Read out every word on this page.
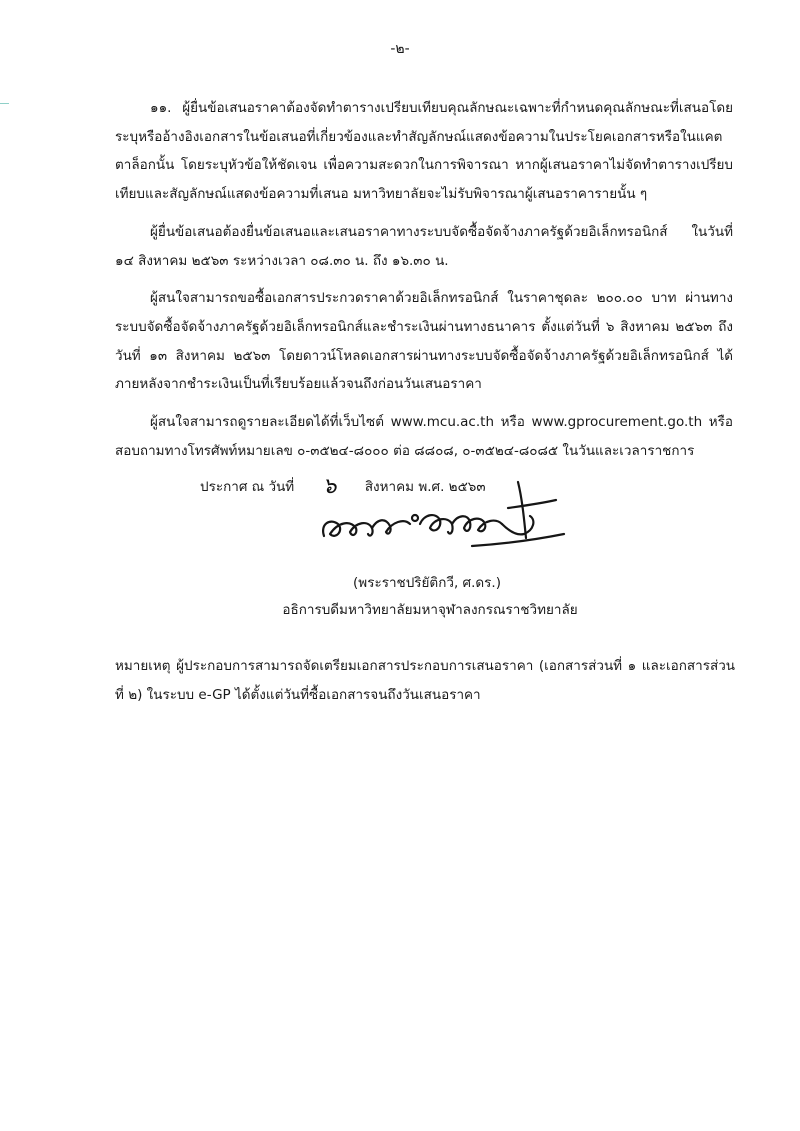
-๒-

๑๑. ผู้ยื่นข้อเสนอราคาต้องจัดทำตารางเปรียบเทียบคุณลักษณะเฉพาะที่กำหนดคุณลักษณะที่เสนอโดยระบุหรืออ้างอิงเอกสารในข้อเสนอที่เกี่ยวข้องและทำสัญลักษณ์แสดงข้อความในประโยคเอกสารหรือในแคตตาล็อกนั้น โดยระบุหัวข้อให้ชัดเจน เพื่อความสะดวกในการพิจารณา หากผู้เสนอราคาไม่จัดทำตารางเปรียบเทียบและสัญลักษณ์แสดงข้อความที่เสนอ มหาวิทยาลัยจะไม่รับพิจารณาผู้เสนอราคารายนั้น ๆ

ผู้ยื่นข้อเสนอต้องยื่นข้อเสนอและเสนอราคาทางระบบจัดซื้อจัดจ้างภาครัฐด้วยอิเล็กทรอนิกส์ ในวันที่ ๑๔ สิงหาคม ๒๕๖๓ ระหว่างเวลา ๐๘.๓๐ น. ถึง ๑๖.๓๐ น.

ผู้สนใจสามารถขอซื้อเอกสารประกวดราคาด้วยอิเล็กทรอนิกส์ ในราคาชุดละ ๒๐๐.๐๐ บาท ผ่านทางระบบจัดซื้อจัดจ้างภาครัฐด้วยอิเล็กทรอนิกส์และชำระเงินผ่านทางธนาคาร ตั้งแต่วันที่ ๖ สิงหาคม ๒๕๖๓ ถึงวันที่ ๑๓ สิงหาคม ๒๕๖๓ โดยดาวน์โหลดเอกสารผ่านทางระบบจัดซื้อจัดจ้างภาครัฐด้วยอิเล็กทรอนิกส์ ได้ภายหลังจากชำระเงินเป็นที่เรียบร้อยแล้วจนถึงก่อนวันเสนอราคา

ผู้สนใจสามารถดูรายละเอียดได้ที่เว็บไซต์ www.mcu.ac.th หรือ www.gprocurement.go.th หรือสอบถามทางโทรศัพท์หมายเลข ๐-๓๕๒๔-๘๐๐๐ ต่อ ๘๘๐๘, ๐-๓๕๒๔-๘๐๘๕ ในวันและเวลาราชการ

ประกาศ ณ วันที่ ๖ สิงหาคม พ.ศ. ๒๕๖๓
(พระราชปริยัติกวี, ศ.ดร.)
อธิการบดีมหาวิทยาลัยมหาจุฬาลงกรณราชวิทยาลัย
หมายเหตุ ผู้ประกอบการสามารถจัดเตรียมเอกสารประกอบการเสนอราคา (เอกสารส่วนที่ ๑ และเอกสารส่วนที่ ๒) ในระบบ e-GP ได้ตั้งแต่วันที่ซื้อเอกสารจนถึงวันเสนอราคา
